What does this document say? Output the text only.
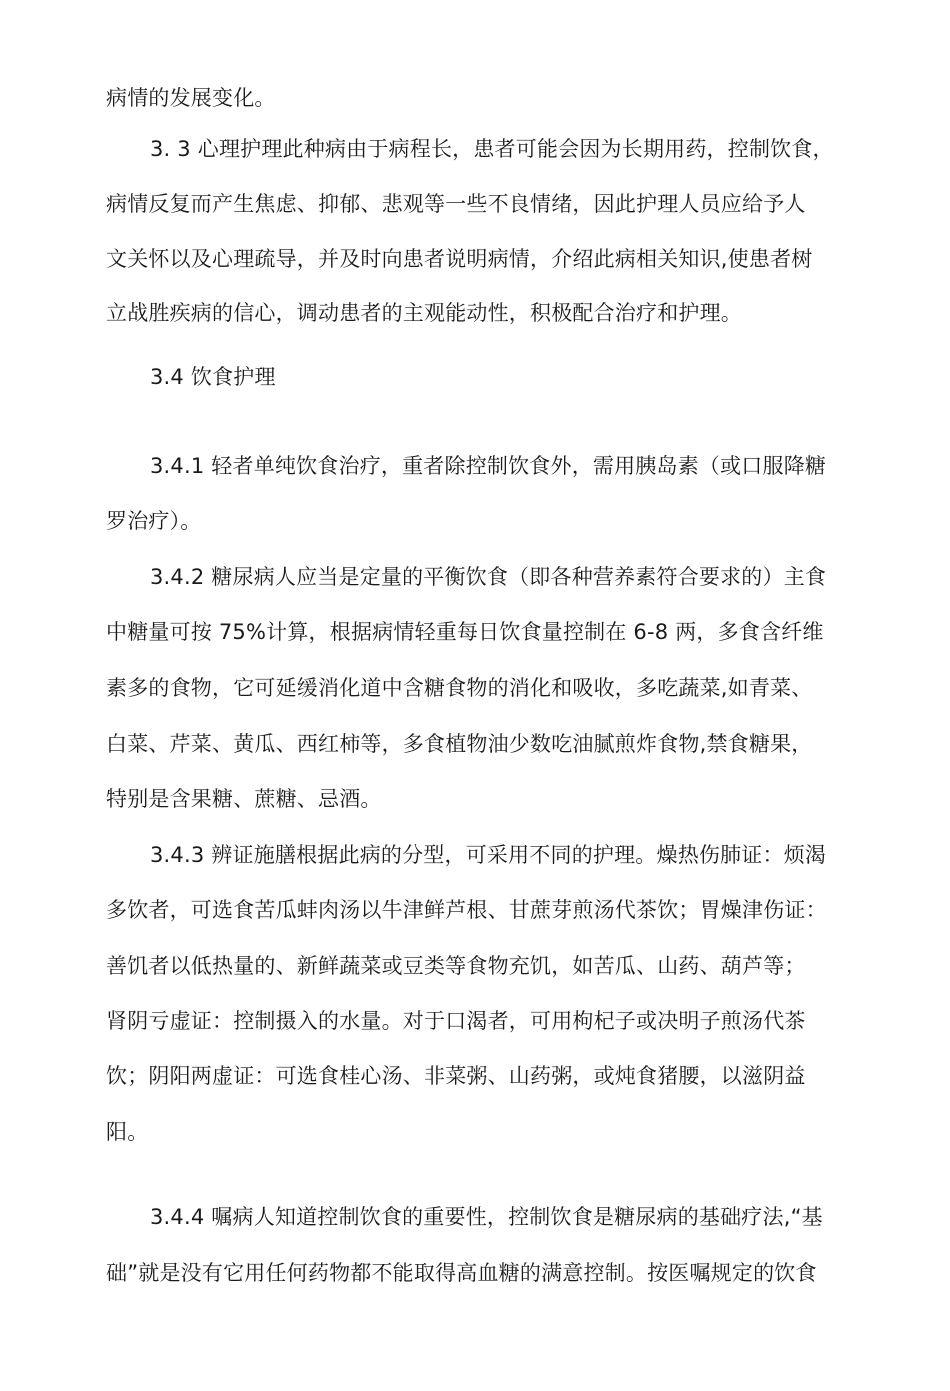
病情的发展变化。
3. 3 心理护理此种病由于病程长，患者可能会因为长期用药，控制饮食，
病情反复而产生焦虑、抑郁、悲观等一些不良情绪，因此护理人员应给予人
文关怀以及心理疏导，并及时向患者说明病情，介绍此病相关知识,使患者树
立战胜疾病的信心，调动患者的主观能动性，积极配合治疗和护理。
3.4 饮食护理
3.4.1 轻者单纯饮食治疗，重者除控制饮食外，需用胰岛素（或口服降糖
罗治疗）。
3.4.2 糖尿病人应当是定量的平衡饮食（即各种营养素符合要求的）主食
中糖量可按 75%计算，根据病情轻重每日饮食量控制在 6-8 两，多食含纤维
素多的食物，它可延缓消化道中含糖食物的消化和吸收，多吃蔬菜,如青菜、
白菜、芹菜、黄瓜、西红柿等，多食植物油少数吃油腻煎炸食物,禁食糖果，
特别是含果糖、蔗糖、忌酒。
3.4.3 辨证施膳根据此病的分型，可采用不同的护理。燥热伤肺证：烦渴
多饮者，可选食苦瓜蚌肉汤以牛津鲜芦根、甘蔗芽煎汤代茶饮；胃燥津伤证：
善饥者以低热量的、新鲜蔬菜或豆类等食物充饥，如苦瓜、山药、葫芦等；
肾阴亏虚证：控制摄入的水量。对于口渴者，可用枸杞子或决明子煎汤代茶
饮；阴阳两虚证：可选食桂心汤、非菜粥、山药粥，或炖食猪腰，以滋阴益
阳。
3.4.4 嘱病人知道控制饮食的重要性，控制饮食是糖尿病的基础疗法,“基
础”就是没有它用任何药物都不能取得高血糖的满意控制。按医嘱规定的饮食
